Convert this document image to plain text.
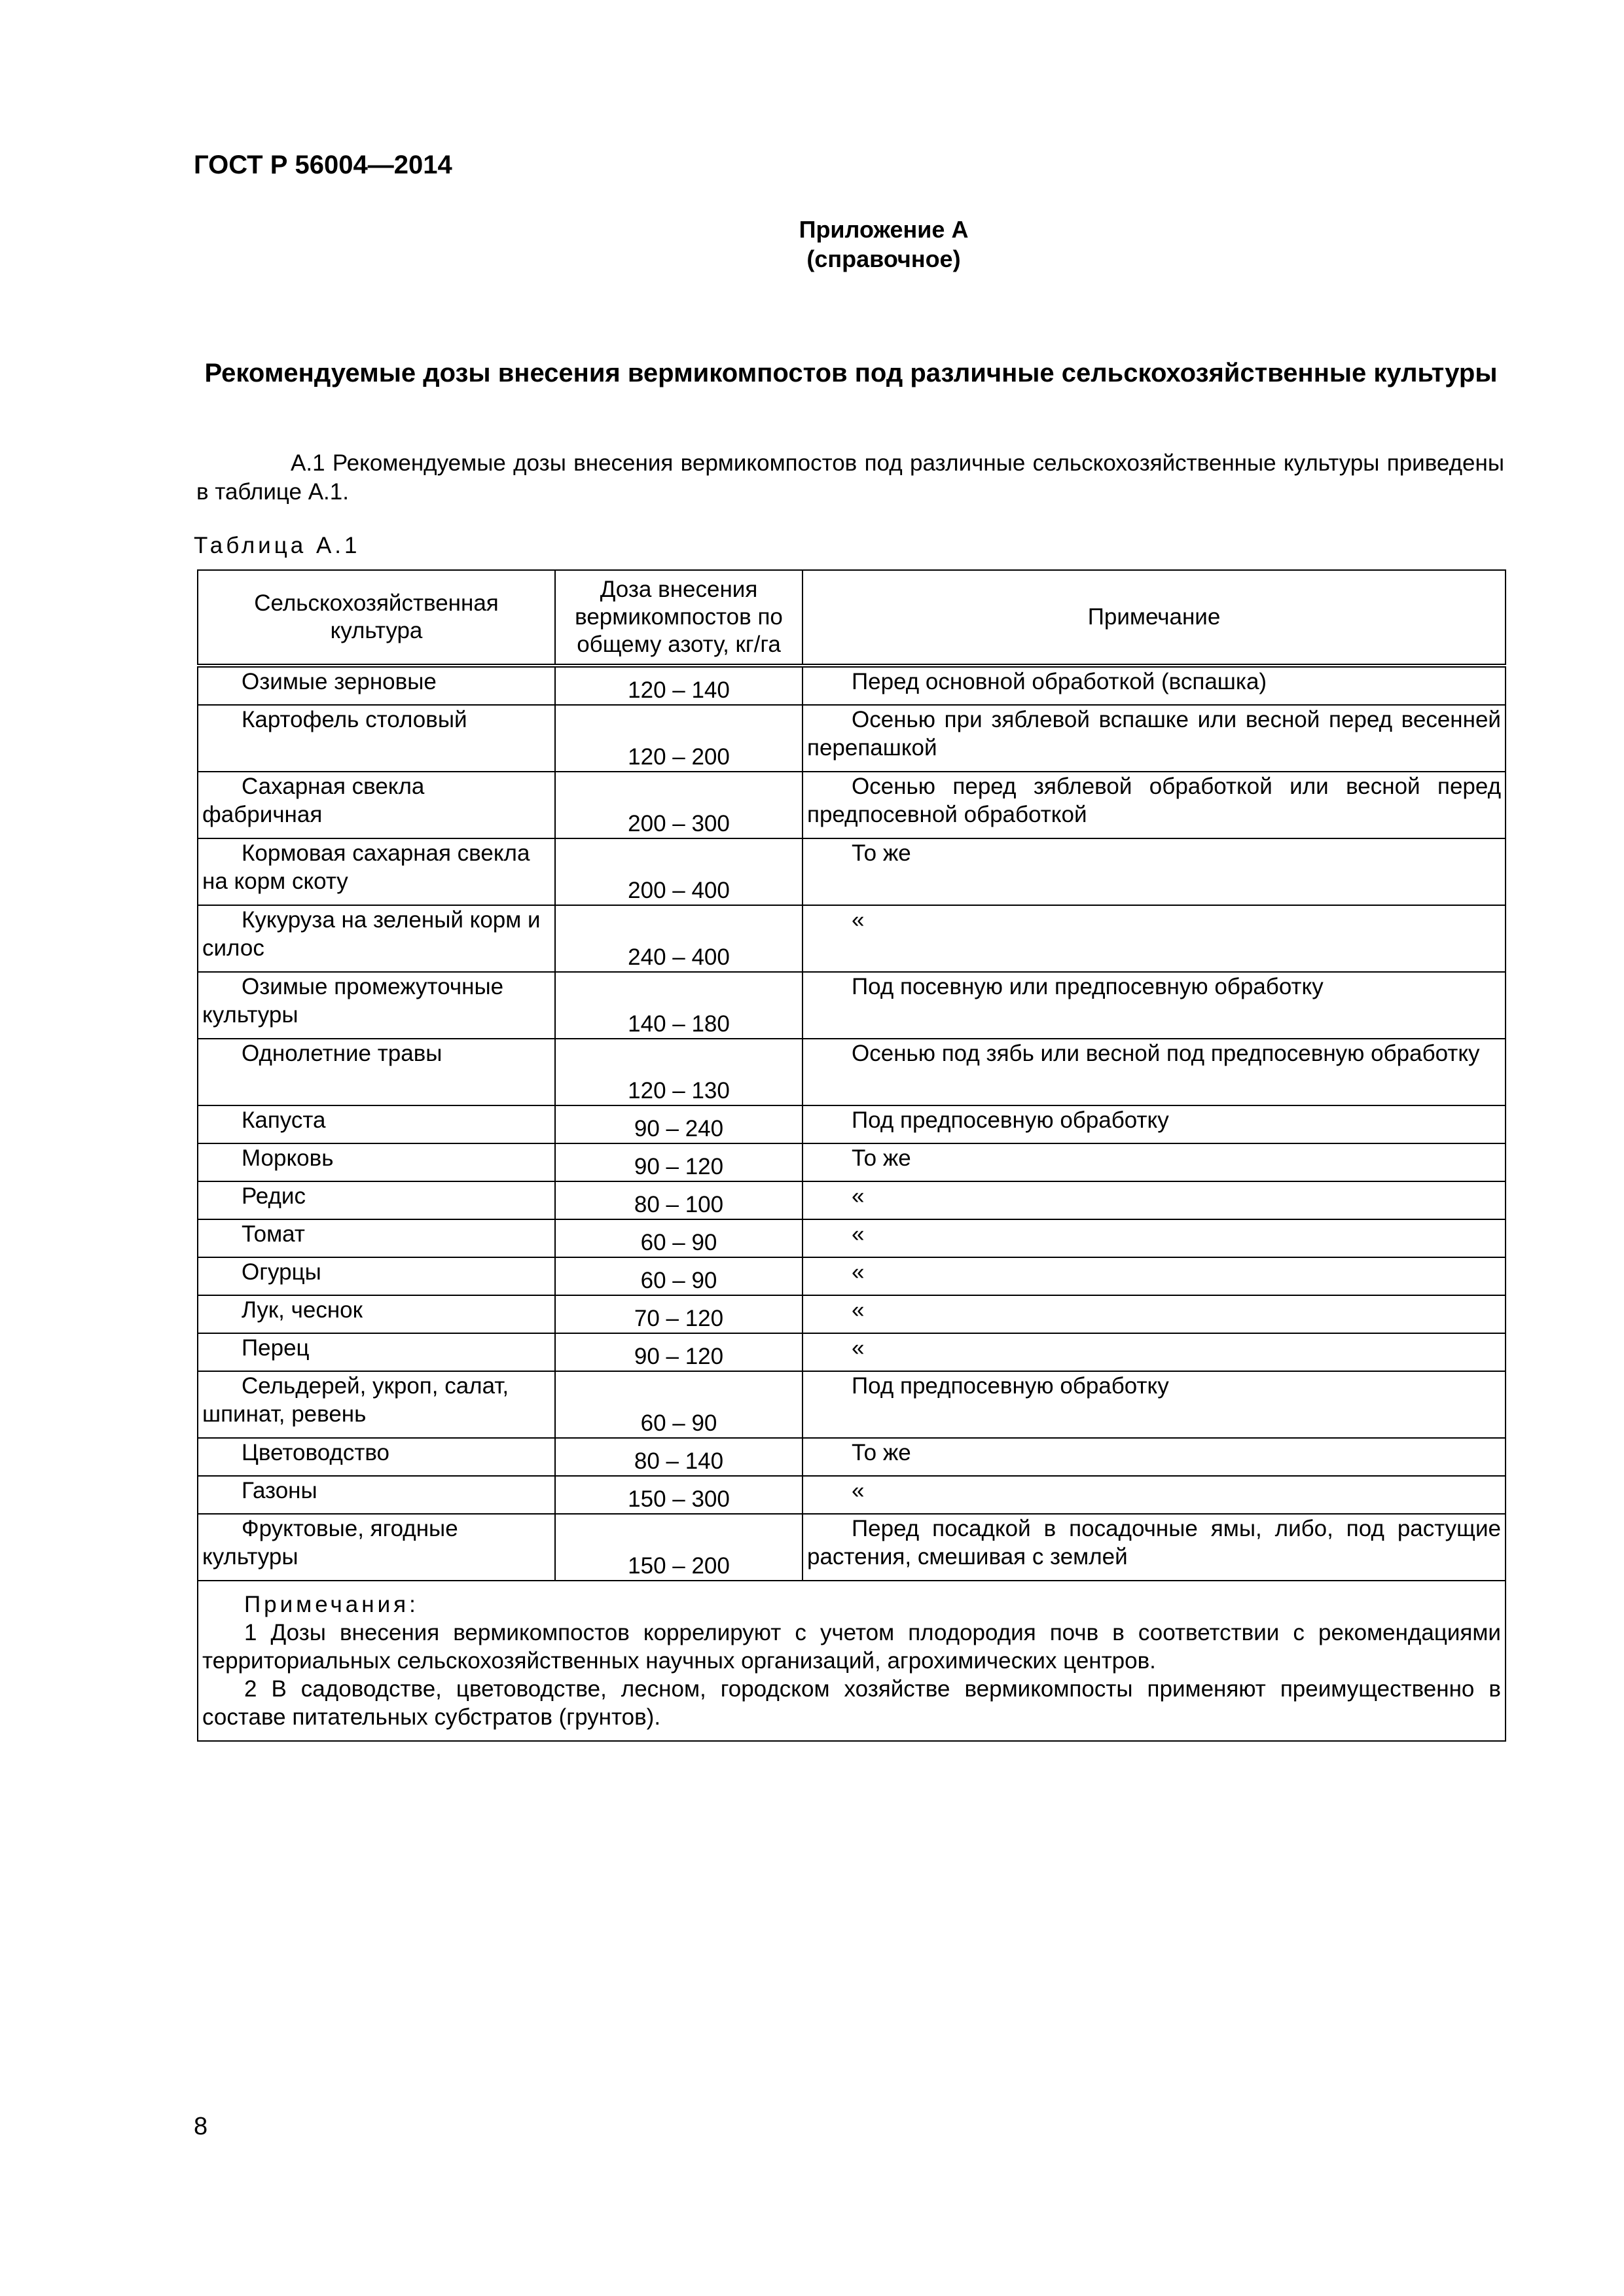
ГОСТ Р 56004—2014
Приложение А
(справочное)
Рекомендуемые дозы внесения вермикомпостов под различные сельскохозяйственные культуры
А.1 Рекомендуемые дозы внесения вермикомпостов под различные сельскохозяйственные культуры приведены в таблице А.1.
Таблица А.1
Сельскохозяйственная культура	Доза внесения вермикомпостов по общему азоту, кг/га	Примечание
Озимые зерновые	120 – 140	Перед основной обработкой (вспашка)
Картофель столовый	120 – 200	Осенью при зяблевой вспашке или весной перед весенней перепашкой
Сахарная свекла фабричная	200 – 300	Осенью перед зяблевой обработкой или весной перед предпосевной обработкой
Кормовая сахарная свекла на корм скоту	200 – 400	То же
Кукуруза на зеленый корм и силос	240 – 400	«
Озимые промежуточные культуры	140 – 180	Под посевную или предпосевную обработку
Однолетние травы	120 – 130	Осенью под зябь или весной под предпосевную обработку
Капуста	90 – 240	Под предпосевную обработку
Морковь	90 – 120	То же
Редис	80 – 100	«
Томат	60 – 90	«
Огурцы	60 – 90	«
Лук, чеснок	70 – 120	«
Перец	90 – 120	«
Сельдерей, укроп, салат, шпинат, ревень	60 – 90	Под предпосевную обработку
Цветоводство	80 – 140	То же
Газоны	150 – 300	«
Фруктовые, ягодные культуры	150 – 200	Перед посадкой в посадочные ямы, либо, под растущие растения, смешивая с землей

Примечания:
1 Дозы внесения вермикомпостов коррелируют с учетом плодородия почв в соответствии с рекомендациями территориальных сельскохозяйственных научных организаций, агрохимических центров.
2 В садоводстве, цветоводстве, лесном, городском хозяйстве вермикомпосты применяют преимущественно в составе питательных субстратов (грунтов).		
8
